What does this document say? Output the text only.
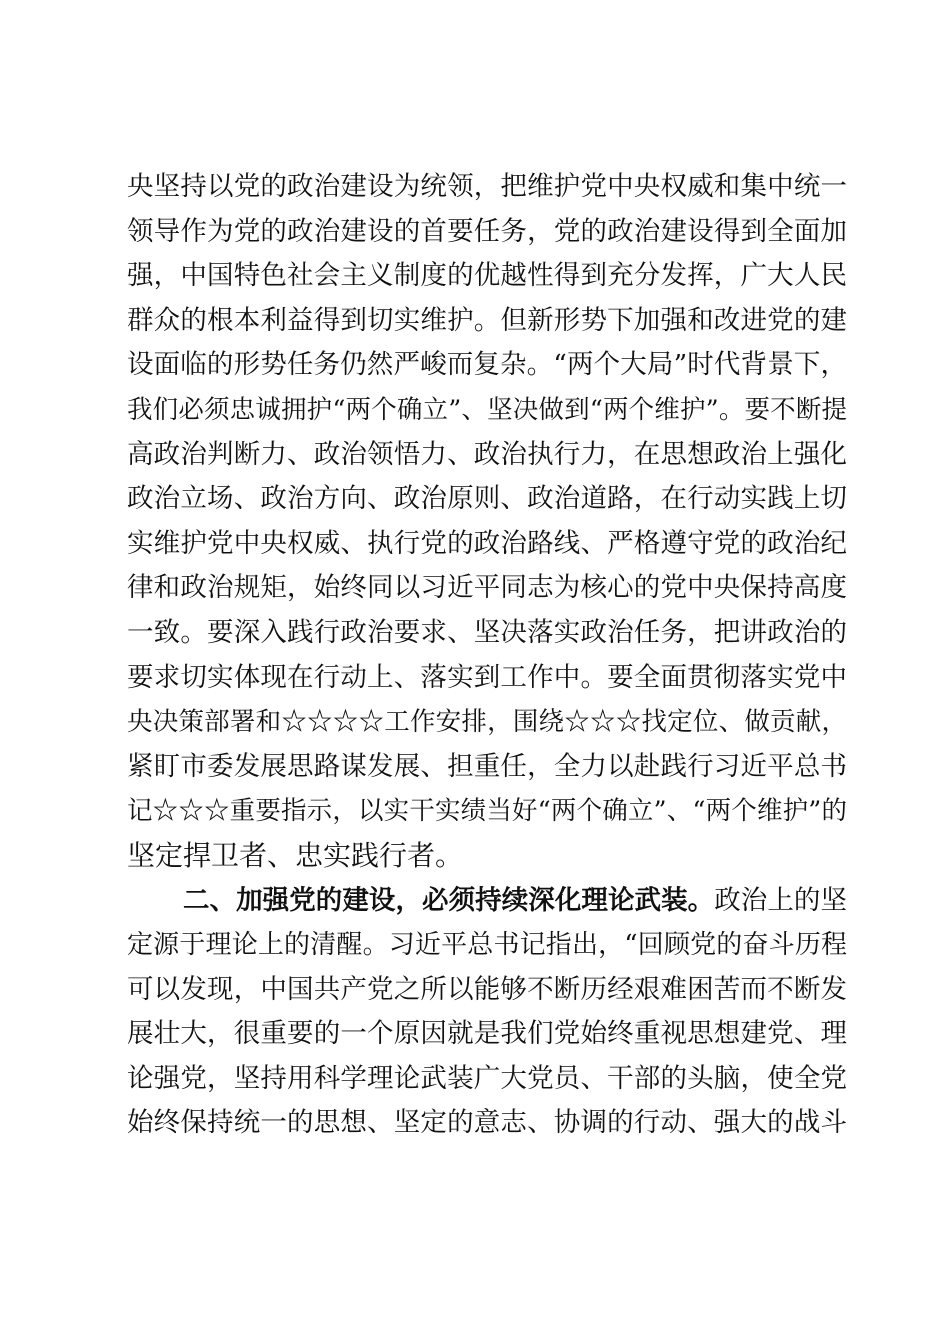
央坚持以党的政治建设为统领，把维护党中央权威和集中统一
领导作为党的政治建设的首要任务，党的政治建设得到全面加
强，中国特色社会主义制度的优越性得到充分发挥，广大人民
群众的根本利益得到切实维护。但新形势下加强和改进党的建
设面临的形势任务仍然严峻而复杂。“两个大局”时代背景下，
我们必须忠诚拥护“两个确立”、坚决做到“两个维护”。要不断提
高政治判断力、政治领悟力、政治执行力，在思想政治上强化
政治立场、政治方向、政治原则、政治道路，在行动实践上切
实维护党中央权威、执行党的政治路线、严格遵守党的政治纪
律和政治规矩，始终同以习近平同志为核心的党中央保持高度
一致。要深入践行政治要求、坚决落实政治任务，把讲政治的
要求切实体现在行动上、落实到工作中。要全面贯彻落实党中
央决策部署和☆☆☆☆工作安排，围绕☆☆☆找定位、做贡献，
紧盯市委发展思路谋发展、担重任，全力以赴践行习近平总书
记☆☆☆重要指示，以实干实绩当好“两个确立”、“两个维护”的
坚定捍卫者、忠实践行者。
二、加强党的建设，必须持续深化理论武装。政治上的坚
定源于理论上的清醒。习近平总书记指出，“回顾党的奋斗历程
可以发现，中国共产党之所以能够不断历经艰难困苦而不断发
展壮大，很重要的一个原因就是我们党始终重视思想建党、理
论强党，坚持用科学理论武装广大党员、干部的头脑，使全党
始终保持统一的思想、坚定的意志、协调的行动、强大的战斗
